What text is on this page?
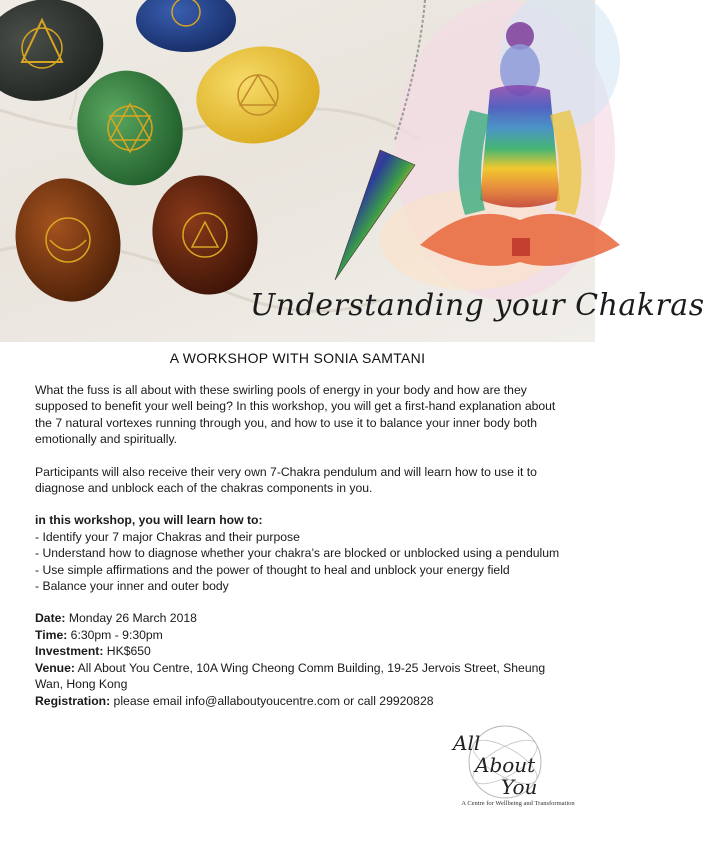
Understanding your Chakras
A WORKSHOP WITH SONIA SAMTANI

What the fuss is all about with these swirling pools of energy in your body and how are they supposed to benefit your well being? In this workshop, you will get a first-hand explanation about the 7 natural vortexes running through you, and how to use it to balance your inner body both emotionally and spiritually.

Participants will also receive their very own 7-Chakra pendulum and will learn how to use it to diagnose and unblock each of the chakras components in you.

in this workshop, you will learn how to:

- Identify your 7 major Chakras and their purpose
- Understand how to diagnose whether your chakra’s are blocked or unblocked using a pendulum
- Use simple affirmations and the power of thought to heal and unblock your energy field
- Balance your inner and outer body

Date: Monday 26 March 2018

Time: 6:30pm - 9:30pm

Investment: HK$650

Venue: All About You Centre, 10A Wing Cheong Comm Building, 19-25 Jervois Street, Sheung Wan, Hong Kong

Registration: please email info@allaboutyoucentre.com or call 29920828

All
About
You
A Centre for Wellbeing and Transformation
